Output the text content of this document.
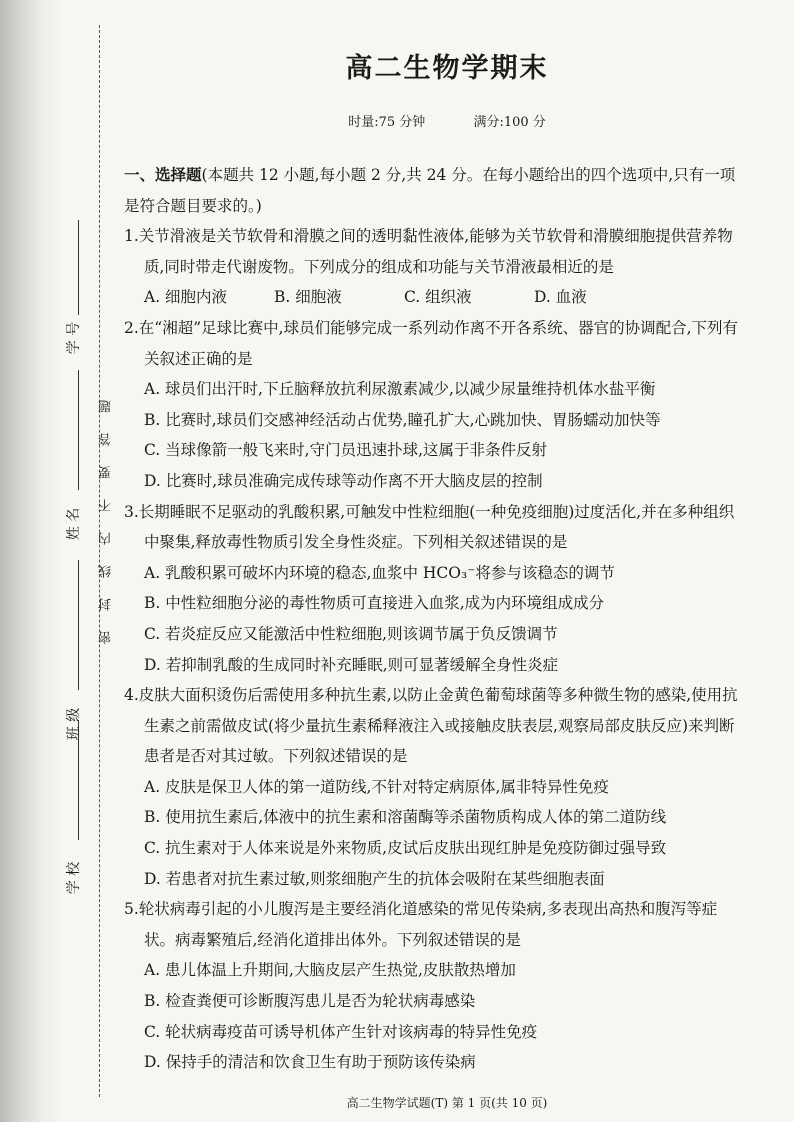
学 校
班 级
姓 名
学 号
密封线内不要答题
高二生物学期末
时量:75 分钟	满分:100 分

一、选择题(本题共 12 小题,每小题 2 分,共 24 分。在每小题给出的四个选项中,只有一项是符合题目要求的。)

1.关节滑液是关节软骨和滑膜之间的透明黏性液体,能够为关节软骨和滑膜细胞提供营养物质,同时带走代谢废物。下列成分的组成和功能与关节滑液最相近的是
A. 细胞内液	B. 细胞液	C. 组织液	D. 血液
2.在“湘超”足球比赛中,球员们能够完成一系列动作离不开各系统、器官的协调配合,下列有关叙述正确的是
A. 球员们出汗时,下丘脑释放抗利尿激素减少,以减少尿量维持机体水盐平衡
B. 比赛时,球员们交感神经活动占优势,瞳孔扩大,心跳加快、胃肠蠕动加快等
C. 当球像箭一般飞来时,守门员迅速扑球,这属于非条件反射
D. 比赛时,球员准确完成传球等动作离不开大脑皮层的控制
3.长期睡眠不足驱动的乳酸积累,可触发中性粒细胞(一种免疫细胞)过度活化,并在多种组织中聚集,释放毒性物质引发全身性炎症。下列相关叙述错误的是
A. 乳酸积累可破坏内环境的稳态,血浆中 HCO₃⁻将参与该稳态的调节
B. 中性粒细胞分泌的毒性物质可直接进入血浆,成为内环境组成成分
C. 若炎症反应又能激活中性粒细胞,则该调节属于负反馈调节
D. 若抑制乳酸的生成同时补充睡眠,则可显著缓解全身性炎症
4.皮肤大面积烫伤后需使用多种抗生素,以防止金黄色葡萄球菌等多种微生物的感染,使用抗生素之前需做皮试(将少量抗生素稀释液注入或接触皮肤表层,观察局部皮肤反应)来判断患者是否对其过敏。下列叙述错误的是
A. 皮肤是保卫人体的第一道防线,不针对特定病原体,属非特异性免疫
B. 使用抗生素后,体液中的抗生素和溶菌酶等杀菌物质构成人体的第二道防线
C. 抗生素对于人体来说是外来物质,皮试后皮肤出现红肿是免疫防御过强导致
D. 若患者对抗生素过敏,则浆细胞产生的抗体会吸附在某些细胞表面
5.轮状病毒引起的小儿腹泻是主要经消化道感染的常见传染病,多表现出高热和腹泻等症状。病毒繁殖后,经消化道排出体外。下列叙述错误的是
A. 患儿体温上升期间,大脑皮层产生热觉,皮肤散热增加
B. 检查粪便可诊断腹泻患儿是否为轮状病毒感染
C. 轮状病毒疫苗可诱导机体产生针对该病毒的特异性免疫
D. 保持手的清洁和饮食卫生有助于预防该传染病
高二生物学试题(T) 第 1 页(共 10 页)
